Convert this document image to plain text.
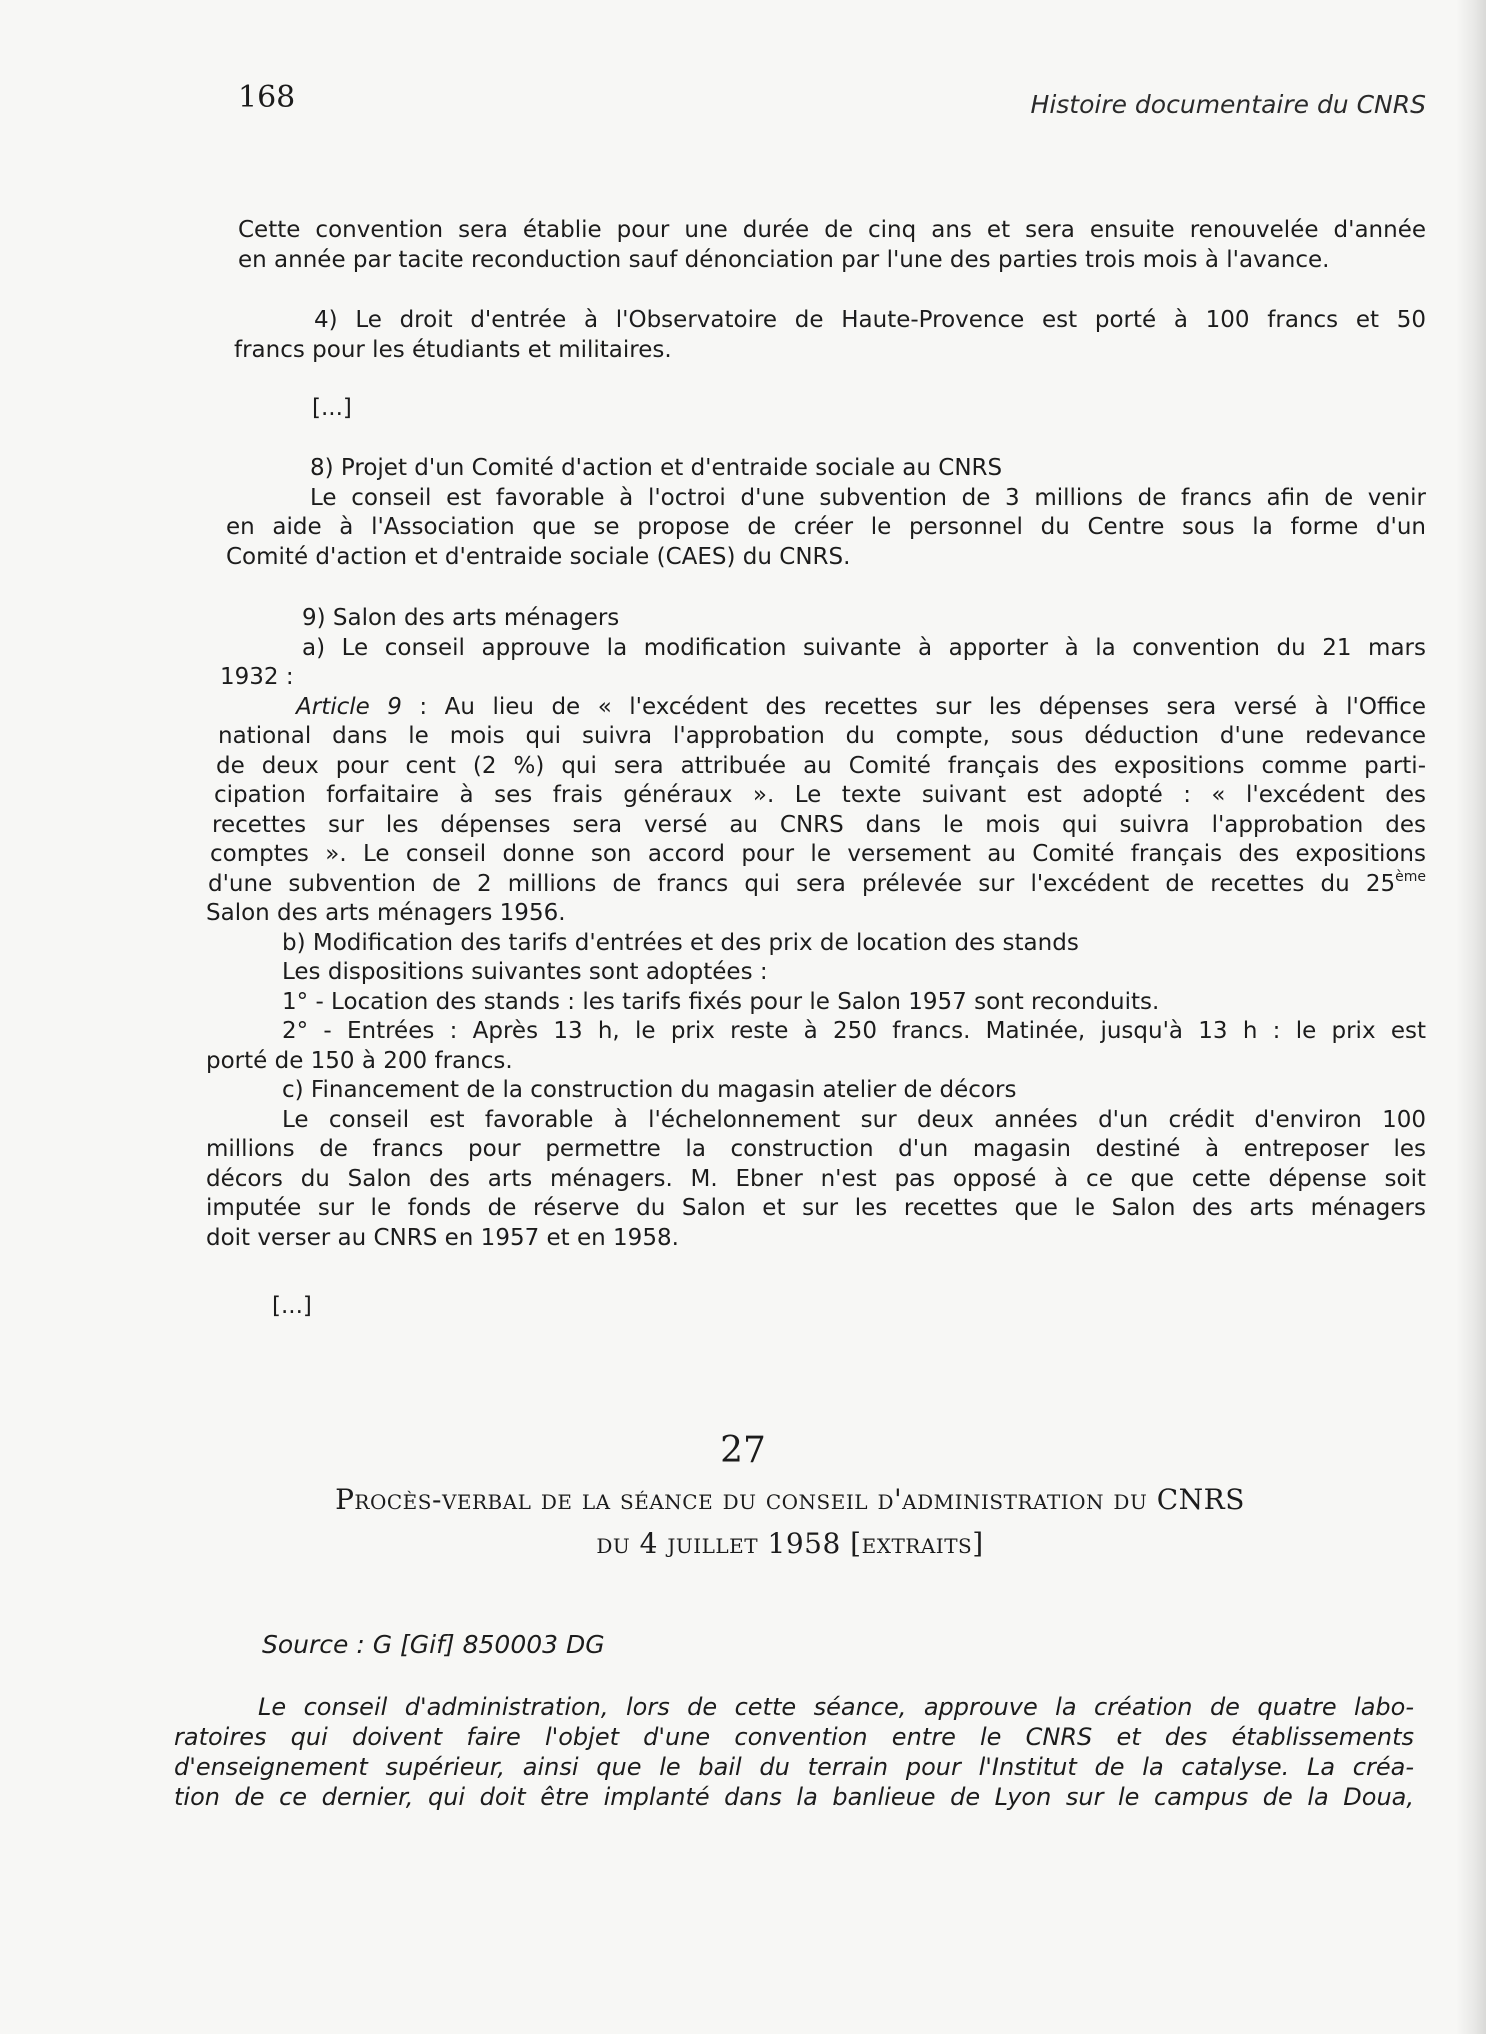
168	Histoire documentaire du CNRS

Cette convention sera établie pour une durée de cinq ans et sera ensuite renouvelée d'année
en année par tacite reconduction sauf dénonciation par l'une des parties trois mois à l'avance.

4) Le droit d'entrée à l'Observatoire de Haute-Provence est porté à 100 francs et 50
francs pour les étudiants et militaires.

[...]

8) Projet d'un Comité d'action et d'entraide sociale au CNRS
Le conseil est favorable à l'octroi d'une subvention de 3 millions de francs afin de venir
en aide à l'Association que se propose de créer le personnel du Centre sous la forme d'un
Comité d'action et d'entraide sociale (CAES) du CNRS.

9) Salon des arts ménagers
a) Le conseil approuve la modification suivante à apporter à la convention du 21 mars
1932 :
Article 9 : Au lieu de « l'excédent des recettes sur les dépenses sera versé à l'Office
national dans le mois qui suivra l'approbation du compte, sous déduction d'une redevance
de deux pour cent (2 %) qui sera attribuée au Comité français des expositions comme parti-
cipation forfaitaire à ses frais généraux ». Le texte suivant est adopté : « l'excédent des
recettes sur les dépenses sera versé au CNRS dans le mois qui suivra l'approbation des
comptes ». Le conseil donne son accord pour le versement au Comité français des expositions
d'une subvention de 2 millions de francs qui sera prélevée sur l'excédent de recettes du 25ème
Salon des arts ménagers 1956.
b) Modification des tarifs d'entrées et des prix de location des stands
Les dispositions suivantes sont adoptées :
1° - Location des stands : les tarifs fixés pour le Salon 1957 sont reconduits.
2° - Entrées : Après 13 h, le prix reste à 250 francs. Matinée, jusqu'à 13 h : le prix est
porté de 150 à 200 francs.
c) Financement de la construction du magasin atelier de décors
Le conseil est favorable à l'échelonnement sur deux années d'un crédit d'environ 100
millions de francs pour permettre la construction d'un magasin destiné à entreposer les
décors du Salon des arts ménagers. M. Ebner n'est pas opposé à ce que cette dépense soit
imputée sur le fonds de réserve du Salon et sur les recettes que le Salon des arts ménagers
doit verser au CNRS en 1957 et en 1958.

[...]

27
Procès-verbal de la séance du conseil d'administration du CNRS
du 4 juillet 1958 [extraits]
Source : G [Gif] 850003 DG

Le conseil d'administration, lors de cette séance, approuve la création de quatre labo-
ratoires qui doivent faire l'objet d'une convention entre le CNRS et des établissements
d'enseignement supérieur, ainsi que le bail du terrain pour l'Institut de la catalyse. La créa-
tion de ce dernier, qui doit être implanté dans la banlieue de Lyon sur le campus de la Doua,
